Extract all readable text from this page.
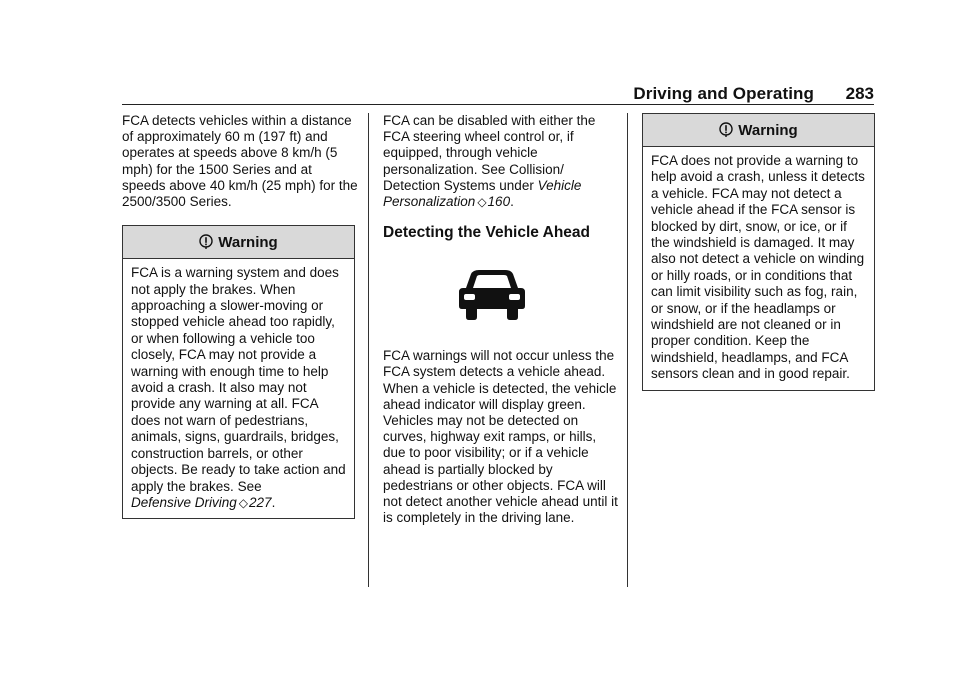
Driving and Operating 283

FCA detects vehicles within a distance of approximately 60 m (197 ft) and operates at speeds above 8 km/h (5 mph) for the 1500 Series and at speeds above 40 km/h (25 mph) for the 2500/3500 Series.

Warning

FCA is a warning system and does not apply the brakes. When approaching a slower-moving or stopped vehicle ahead too rapidly, or when following a vehicle too closely, FCA may not provide a warning with enough time to help avoid a crash. It also may not provide any warning at all. FCA does not warn of pedestrians, animals, signs, guardrails, bridges, construction barrels, or other objects. Be ready to take action and apply the brakes. See
Defensive Driving ◇227.

FCA can be disabled with either the FCA steering wheel control or, if equipped, through vehicle personalization. See Collision/ Detection Systems under Vehicle Personalization ◇160.

Detecting the Vehicle Ahead

FCA warnings will not occur unless the FCA system detects a vehicle ahead. When a vehicle is detected, the vehicle ahead indicator will display green. Vehicles may not be detected on curves, highway exit ramps, or hills, due to poor visibility; or if a vehicle ahead is partially blocked by pedestrians or other objects. FCA will not detect another vehicle ahead until it is completely in the driving lane.

Warning

FCA does not provide a warning to help avoid a crash, unless it detects a vehicle. FCA may not detect a vehicle ahead if the FCA sensor is blocked by dirt, snow, or ice, or if the windshield is damaged. It may also not detect a vehicle on winding or hilly roads, or in conditions that can limit visibility such as fog, rain, or snow, or if the headlamps or windshield are not cleaned or in proper condition. Keep the windshield, headlamps, and FCA sensors clean and in good repair.
